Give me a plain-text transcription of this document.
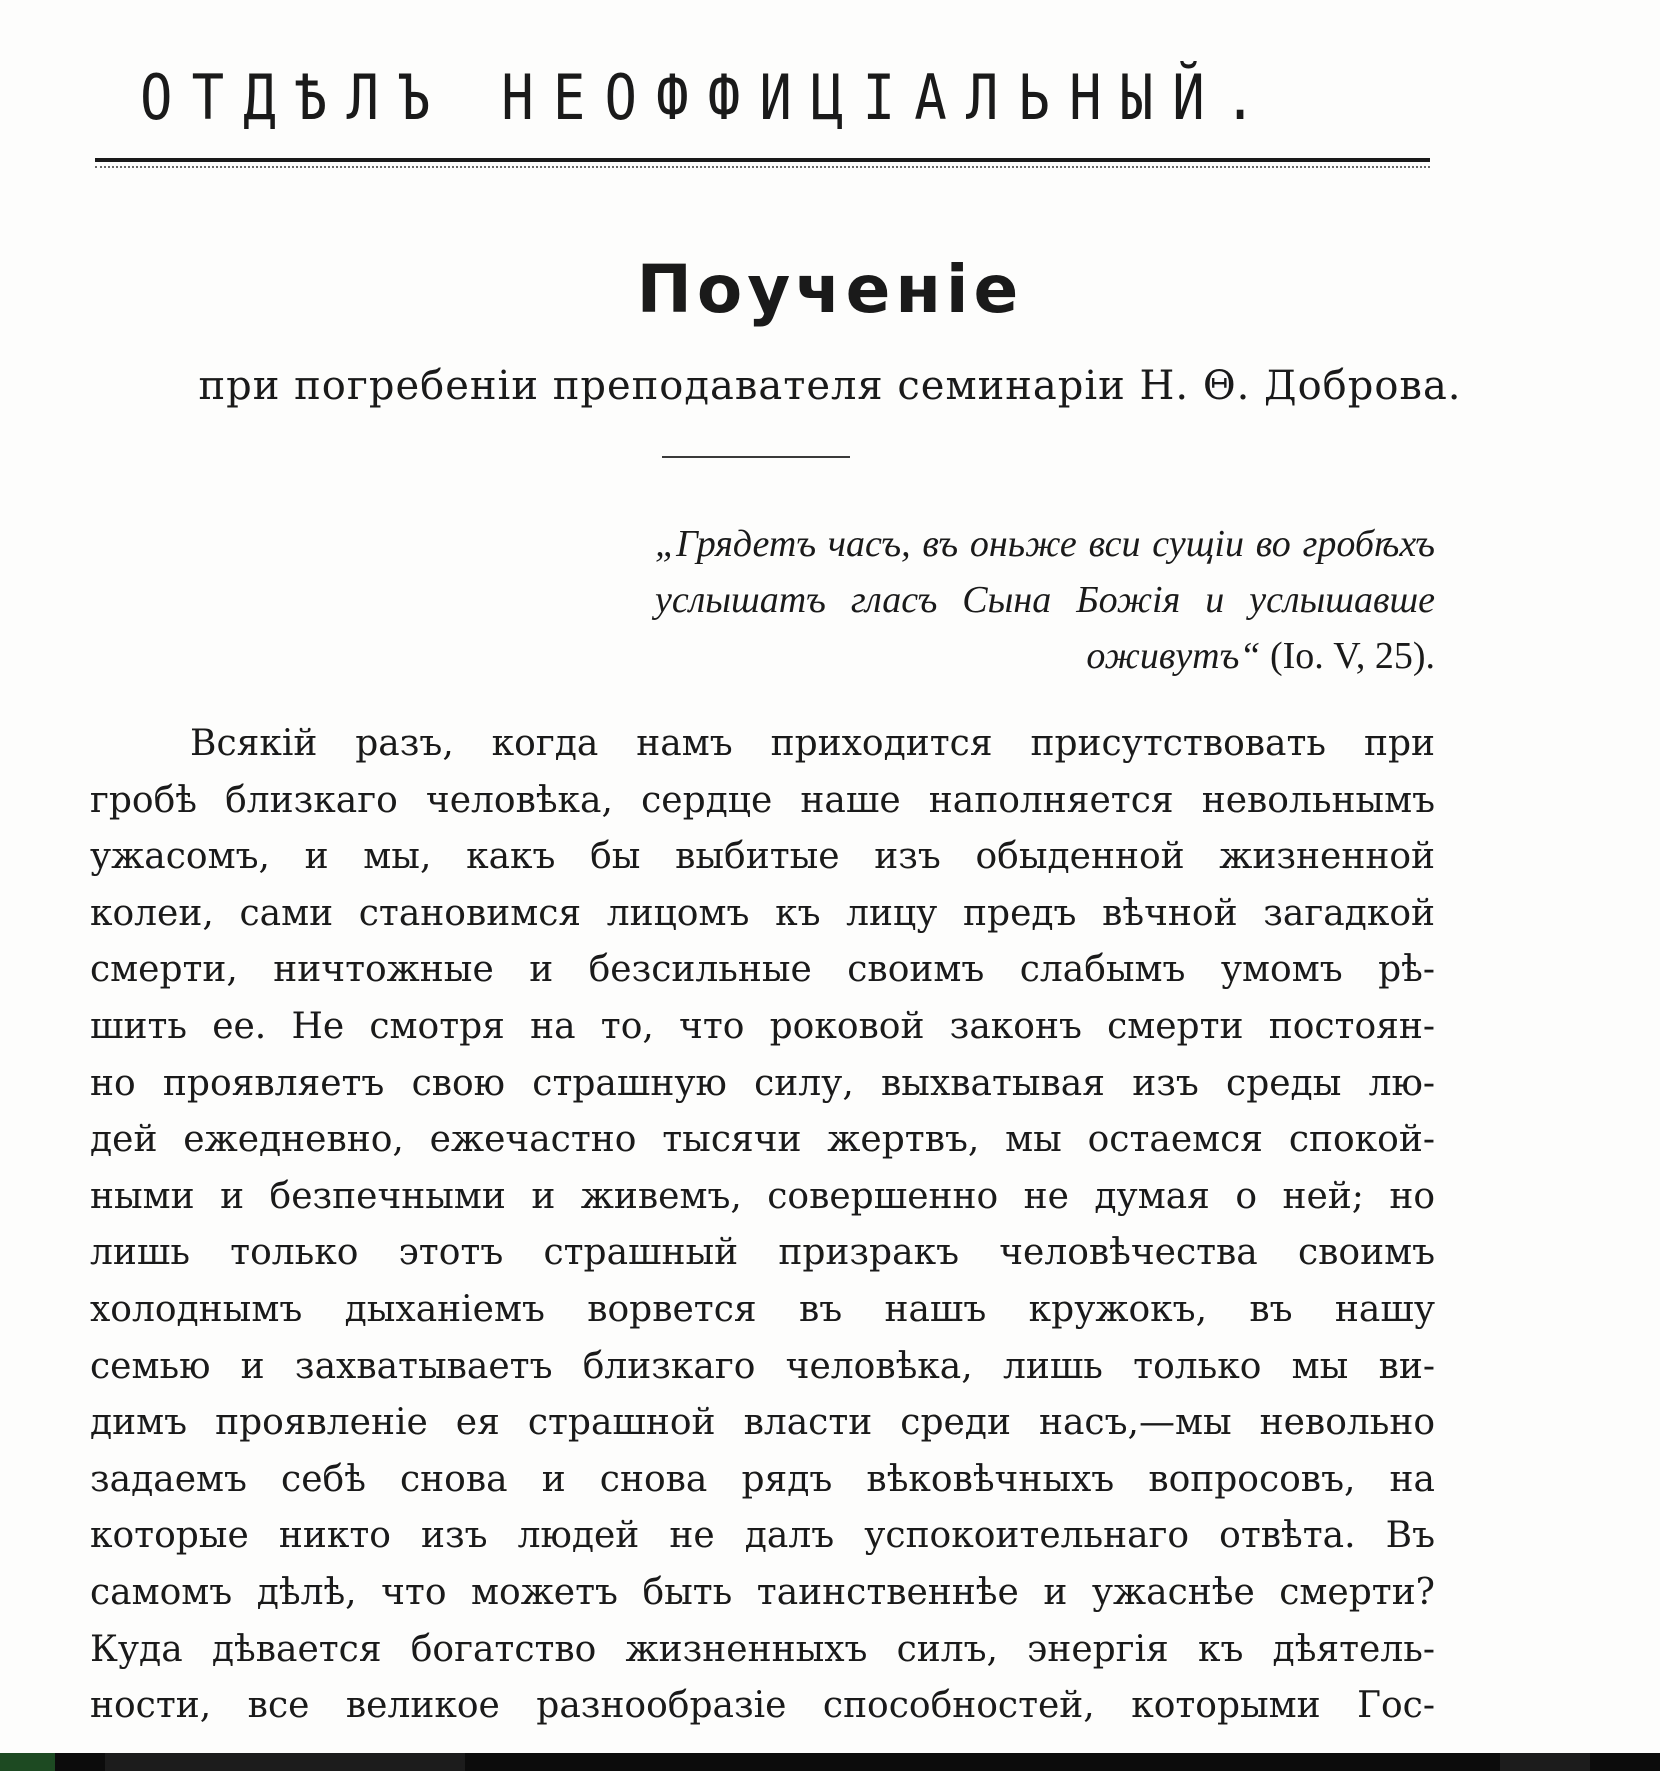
ОТДѢЛЪ НЕОФФИЦIАЛЬНЫЙ.
Поученіе
при погребеніи преподавателя семинаріи Н. Θ. Доброва.
„Грядетъ часъ, въ оньже вси сущіи во гробѣхъ услышатъ гласъ Сына Божія и услышавше оживутъ“ (Іо. V, 25).
Всякій разъ, когда намъ приходится присутствовать при
гробѣ близкаго человѣка, сердце наше наполняется невольнымъ
ужасомъ, и мы, какъ бы выбитые изъ обыденной жизненной
колеи, сами становимся лицомъ къ лицу предъ вѣчной загадкой
смерти, ничтожные и безсильные своимъ слабымъ умомъ рѣ-
шить ее. Не смотря на то, что роковой законъ смерти постоян-
но проявляетъ свою страшную силу, выхватывая изъ среды лю-
дей ежедневно, ежечастно тысячи жертвъ, мы остаемся спокой-
ными и безпечными и живемъ, совершенно не думая о ней; но
лишь только этотъ страшный призракъ человѣчества своимъ
холоднымъ дыханіемъ ворвется въ нашъ кружокъ, въ нашу
семью и захватываетъ близкаго человѣка, лишь только мы ви-
димъ проявленіе ея страшной власти среди насъ,—мы невольно
задаемъ себѣ снова и снова рядъ вѣковѣчныхъ вопросовъ, на
которые никто изъ людей не далъ успокоительнаго отвѣта. Въ
самомъ дѣлѣ, что можетъ быть таинственнѣе и ужаснѣе смерти?
Куда дѣвается богатство жизненныхъ силъ, энергія къ дѣятель-
ности, все великое разнообразіе способностей, которыми Гос-
